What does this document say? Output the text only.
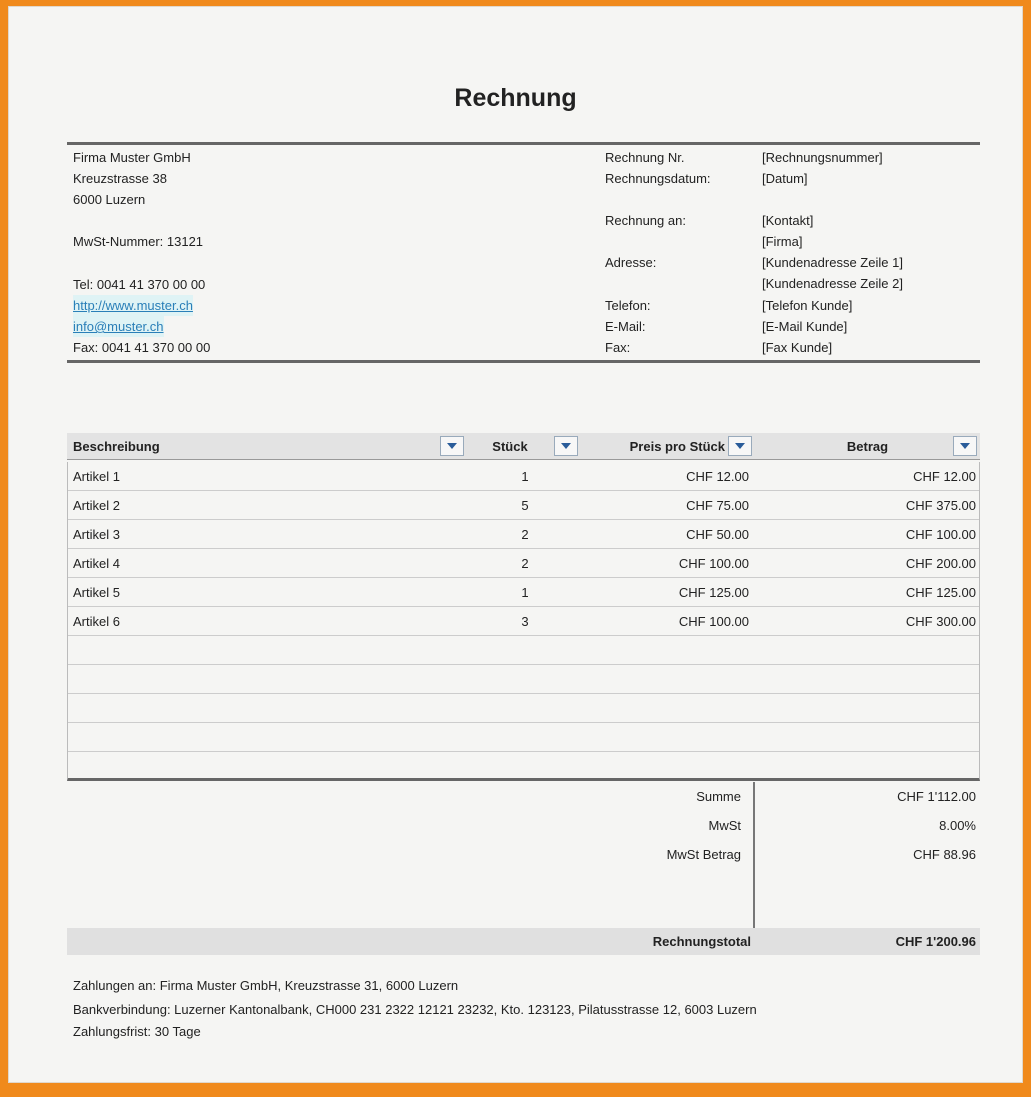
Rechnung
Firma Muster GmbH
Kreuzstrasse 38
6000 Luzern
MwSt-Nummer: 13121
Tel: 0041 41 370 00 00
http://www.muster.ch
info@muster.ch
Fax: 0041 41 370 00 00
Rechnung Nr.	[Rechnungsnummer]
Rechnungsdatum:	[Datum]
Rechnung an:	[Kontakt]
[Firma]
Adresse:	[Kundenadresse Zeile 1]
[Kundenadresse Zeile 2]
Telefon:	[Telefon Kunde]
E-Mail:	[E-Mail Kunde]
Fax:	[Fax Kunde]
Beschreibung	Stück	Preis pro Stück	Betrag
Artikel 1	1	CHF 12.00	CHF 12.00
Artikel 2	5	CHF 75.00	CHF 375.00
Artikel 3	2	CHF 50.00	CHF 100.00
Artikel 4	2	CHF 100.00	CHF 200.00
Artikel 5	1	CHF 125.00	CHF 125.00
Artikel 6	3	CHF 100.00	CHF 300.00
Summe	CHF 1'112.00
MwSt	8.00%
MwSt Betrag	CHF 88.96
Rechnungstotal	CHF 1'200.96
Zahlungen an: Firma Muster GmbH, Kreuzstrasse 31, 6000 Luzern
Bankverbindung: Luzerner Kantonalbank, CH000 231 2322 12121 23232, Kto. 123123, Pilatusstrasse 12, 6003 Luzern
Zahlungsfrist: 30 Tage
